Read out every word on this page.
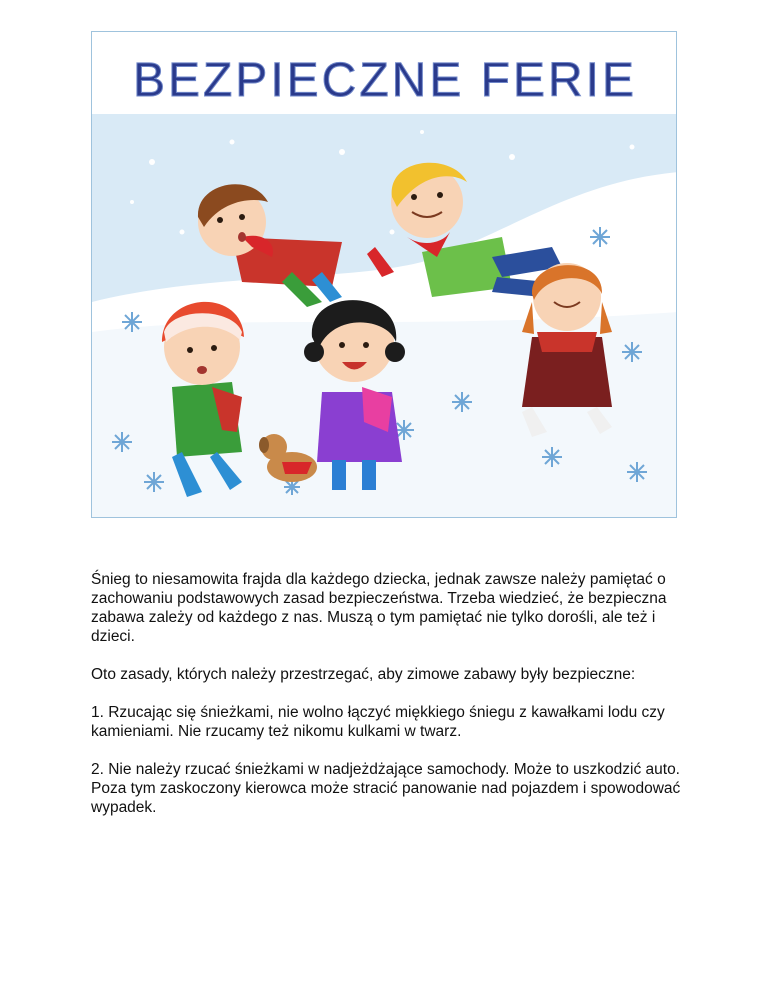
BEZPIECZNE FERIE

Śnieg to niesamowita frajda dla każdego dziecka, jednak zawsze należy pamiętać o zachowaniu podstawowych zasad bezpieczeństwa. Trzeba wiedzieć, że bezpieczna zabawa zależy od każdego z nas. Muszą o tym pamiętać nie tylko dorośli, ale też i dzieci.

Oto zasady, których należy przestrzegać, aby zimowe zabawy były bezpieczne:

1. Rzucając się śnieżkami, nie wolno łączyć miękkiego śniegu z kawałkami lodu czy kamieniami. Nie rzucamy też nikomu kulkami w twarz.

2. Nie należy rzucać śnieżkami w nadjeżdżające samochody. Może to uszkodzić auto. Poza tym zaskoczony kierowca może stracić panowanie nad pojazdem i spowodować wypadek.
